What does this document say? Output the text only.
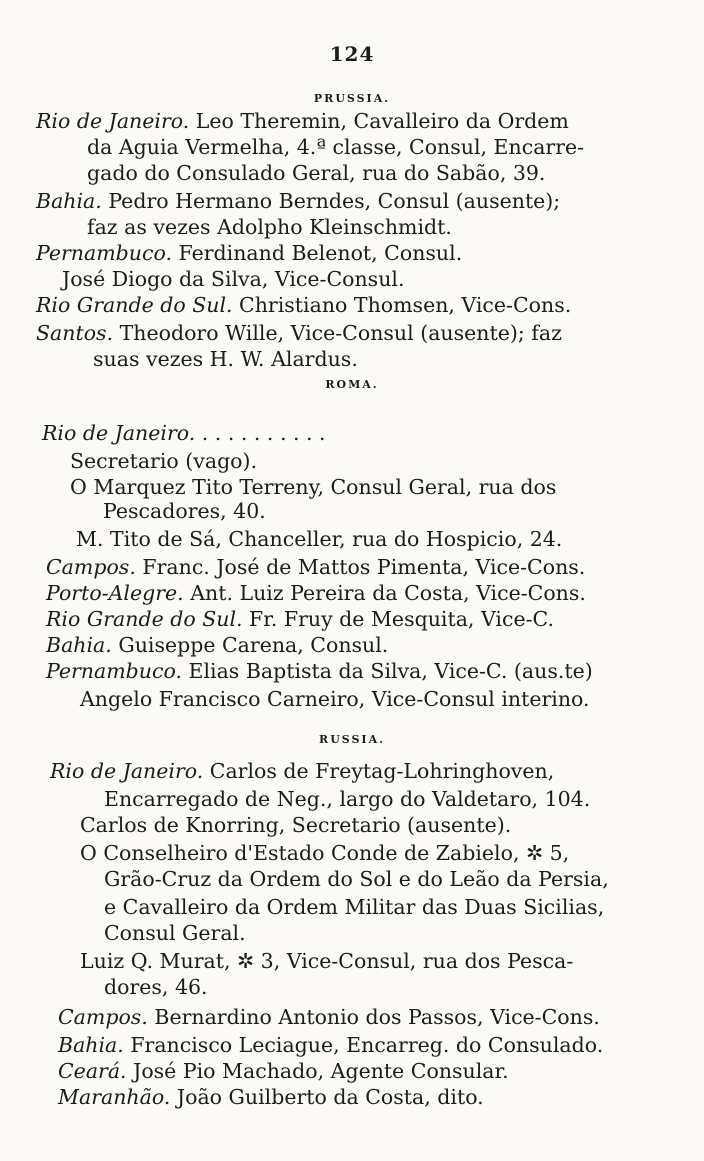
124
PRUSSIA.
Rio de Janeiro. Leo Theremin, Cavalleiro da Ordem
da Aguia Vermelha, 4.ª classe, Consul, Encarre-
gado do Consulado Geral, rua do Sabão, 39.
Bahia. Pedro Hermano Berndes, Consul (ausente);
faz as vezes Adolpho Kleinschmidt.
Pernambuco. Ferdinand Belenot, Consul.
José Diogo da Silva, Vice-Consul.
Rio Grande do Sul. Christiano Thomsen, Vice-Cons.
Santos. Theodoro Wille, Vice-Consul (ausente); faz
suas vezes H. W. Alardus.
ROMA.
Rio de Janeiro. . . . . . . . . . .
Secretario (vago).
O Marquez Tito Terreny, Consul Geral, rua dos
Pescadores, 40.
M. Tito de Sá, Chanceller, rua do Hospicio, 24.
Campos. Franc. José de Mattos Pimenta, Vice-Cons.
Porto-Alegre. Ant. Luiz Pereira da Costa, Vice-Cons.
Rio Grande do Sul. Fr. Fruy de Mesquita, Vice-C.
Bahia. Guiseppe Carena, Consul.
Pernambuco. Elias Baptista da Silva, Vice-C. (aus.te)
Angelo Francisco Carneiro, Vice-Consul interino.
RUSSIA.
Rio de Janeiro. Carlos de Freytag-Lohringhoven,
Encarregado de Neg., largo do Valdetaro, 104.
Carlos de Knorring, Secretario (ausente).
O Conselheiro d'Estado Conde de Zabielo, ✲ 5,
Grão-Cruz da Ordem do Sol e do Leão da Persia,
e Cavalleiro da Ordem Militar das Duas Sicilias,
Consul Geral.
Luiz Q. Murat, ✲ 3, Vice-Consul, rua dos Pesca-
dores, 46.
Campos. Bernardino Antonio dos Passos, Vice-Cons.
Bahia. Francisco Leciague, Encarreg. do Consulado.
Ceará. José Pio Machado, Agente Consular.
Maranhão. João Guilberto da Costa, dito.
